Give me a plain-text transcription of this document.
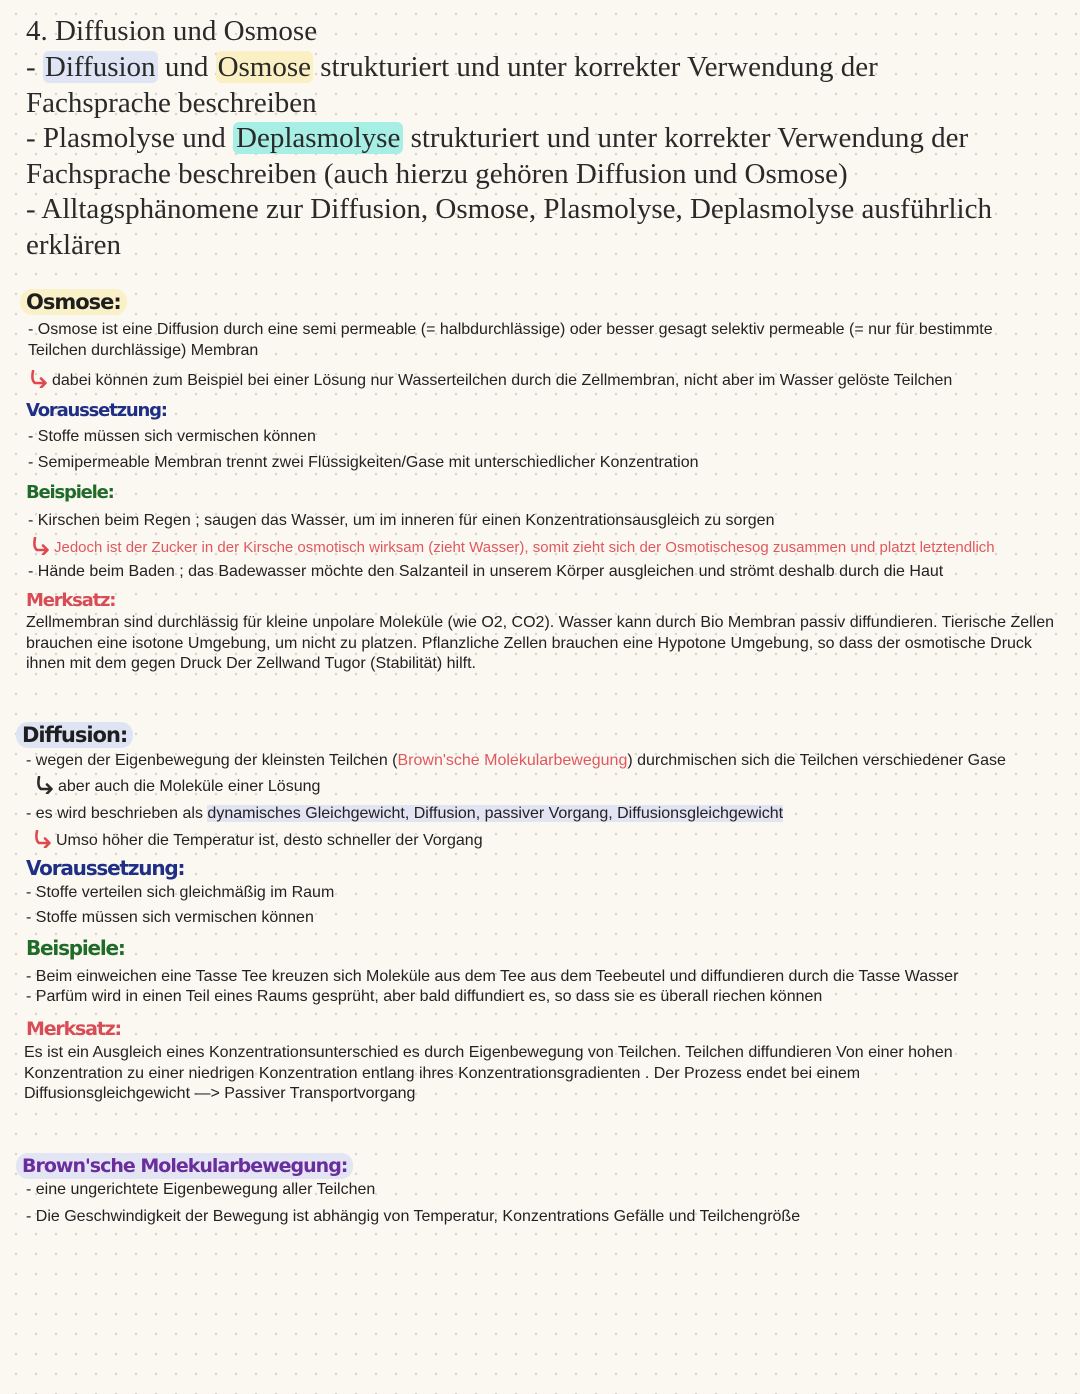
4. Diffusion und Osmose
- Diffusion und Osmose strukturiert und unter korrekter Verwendung der
Fachsprache beschreiben
- Plasmolyse und Deplasmolyse strukturiert und unter korrekter Verwendung der
Fachsprache beschreiben (auch hierzu gehören Diffusion und Osmose)
- Alltagsphänomene zur Diffusion, Osmose, Plasmolyse, Deplasmolyse ausführlich
erklären
Osmose:
- Osmose ist eine Diffusion durch eine semi permeable (= halbdurchlässige) oder besser gesagt selektiv permeable (= nur für bestimmte
Teilchen durchlässige) Membran
dabei können zum Beispiel bei einer Lösung nur Wasserteilchen durch die Zellmembran, nicht aber im Wasser gelöste Teilchen
Voraussetzung:
- Stoffe müssen sich vermischen können
- Semipermeable Membran trennt zwei Flüssigkeiten/Gase mit unterschiedlicher Konzentration
Beispiele:
- Kirschen beim Regen ; saugen das Wasser, um im inneren für einen Konzentrationsausgleich zu sorgen
Jedoch ist der Zucker in der Kirsche osmotisch wirksam (zieht Wasser), somit zieht sich der Osmotischesog zusammen und platzt letztendlich
- Hände beim Baden ; das Badewasser möchte den Salzanteil in unserem Körper ausgleichen und strömt deshalb durch die Haut
Merksatz:
Zellmembran sind durchlässig für kleine unpolare Moleküle (wie O2, CO2). Wasser kann durch Bio Membran passiv diffundieren. Tierische Zellen brauchen eine isotone Umgebung, um nicht zu platzen. Pflanzliche Zellen brauchen eine Hypotone Umgebung, so dass der osmotische Druck ihnen mit dem gegen Druck Der Zellwand Tugor (Stabilität) hilft.
Diffusion:
- wegen der Eigenbewegung der kleinsten Teilchen (Brown'sche Molekularbewegung) durchmischen sich die Teilchen verschiedener Gase
aber auch die Moleküle einer Lösung
- es wird beschrieben als dynamisches Gleichgewicht, Diffusion, passiver Vorgang, Diffusionsgleichgewicht
Umso höher die Temperatur ist, desto schneller der Vorgang
Voraussetzung:
- Stoffe verteilen sich gleichmäßig im Raum
- Stoffe müssen sich vermischen können
Beispiele:
- Beim einweichen eine Tasse Tee kreuzen sich Moleküle aus dem Tee aus dem Teebeutel und diffundieren durch die Tasse Wasser
- Parfüm wird in einen Teil eines Raums gesprüht, aber bald diffundiert es, so dass sie es überall riechen können
Merksatz:
Es ist ein Ausgleich eines Konzentrationsunterschied es durch Eigenbewegung von Teilchen. Teilchen diffundieren Von einer hohen Konzentration zu einer niedrigen Konzentration entlang ihres Konzentrationsgradienten . Der Prozess endet bei einem Diffusionsgleichgewicht —> Passiver Transportvorgang
Brown'sche Molekularbewegung:
- eine ungerichtete Eigenbewegung aller Teilchen
- Die Geschwindigkeit der Bewegung ist abhängig von Temperatur, Konzentrations Gefälle und Teilchengröße
